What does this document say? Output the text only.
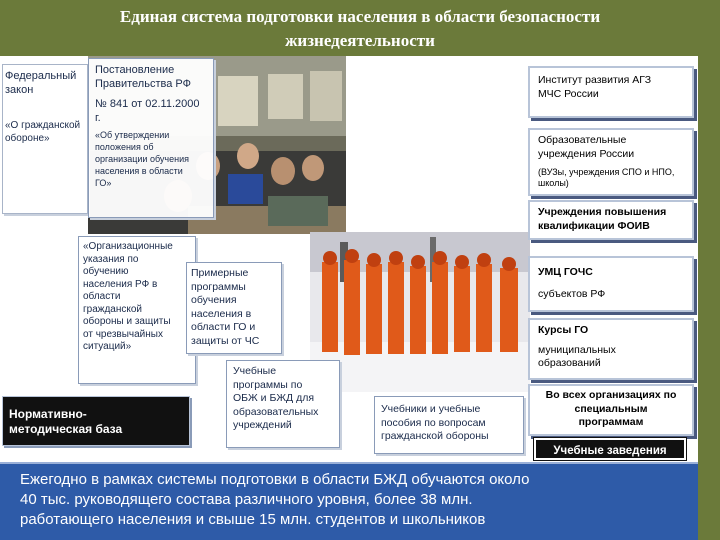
Единая система подготовки населения в области безопасности
жизнедеятельности
Федеральный
закон
«О гражданской
обороне»
Постановление
Правительства РФ
№ 841 от 02.11.2000
г.
«Об утверждении
положения об
организации обучения
населения в области
ГО»
«Организационные
указания по
обучению
населения РФ в
области
гражданской
обороны и защиты
от чрезвычайных
ситуаций»
Примерные
программы
обучения
населения в
области ГО и
защиты от ЧС
Учебные
программы по
ОБЖ и БЖД для
образовательных
учреждений
Нормативно-
методическая база
Учебники и учебные
пособия по вопросам
гражданской обороны
Институт развития АГЗ
МЧС России
Образовательные
учреждения России
(ВУЗы, учреждения СПО и НПО,
школы)
Учреждения повышения
квалификации ФОИВ
УМЦ ГОЧС
субъектов РФ
Курсы ГО
муниципальных
образований
Во всех организациях по
специальным
программам
Учебные заведения
Ежегодно в рамках системы подготовки в области БЖД обучаются около
40 тыс. руководящего состава различного уровня, более 38 млн.
работающего населения и свыше 15 млн. студентов и школьников
